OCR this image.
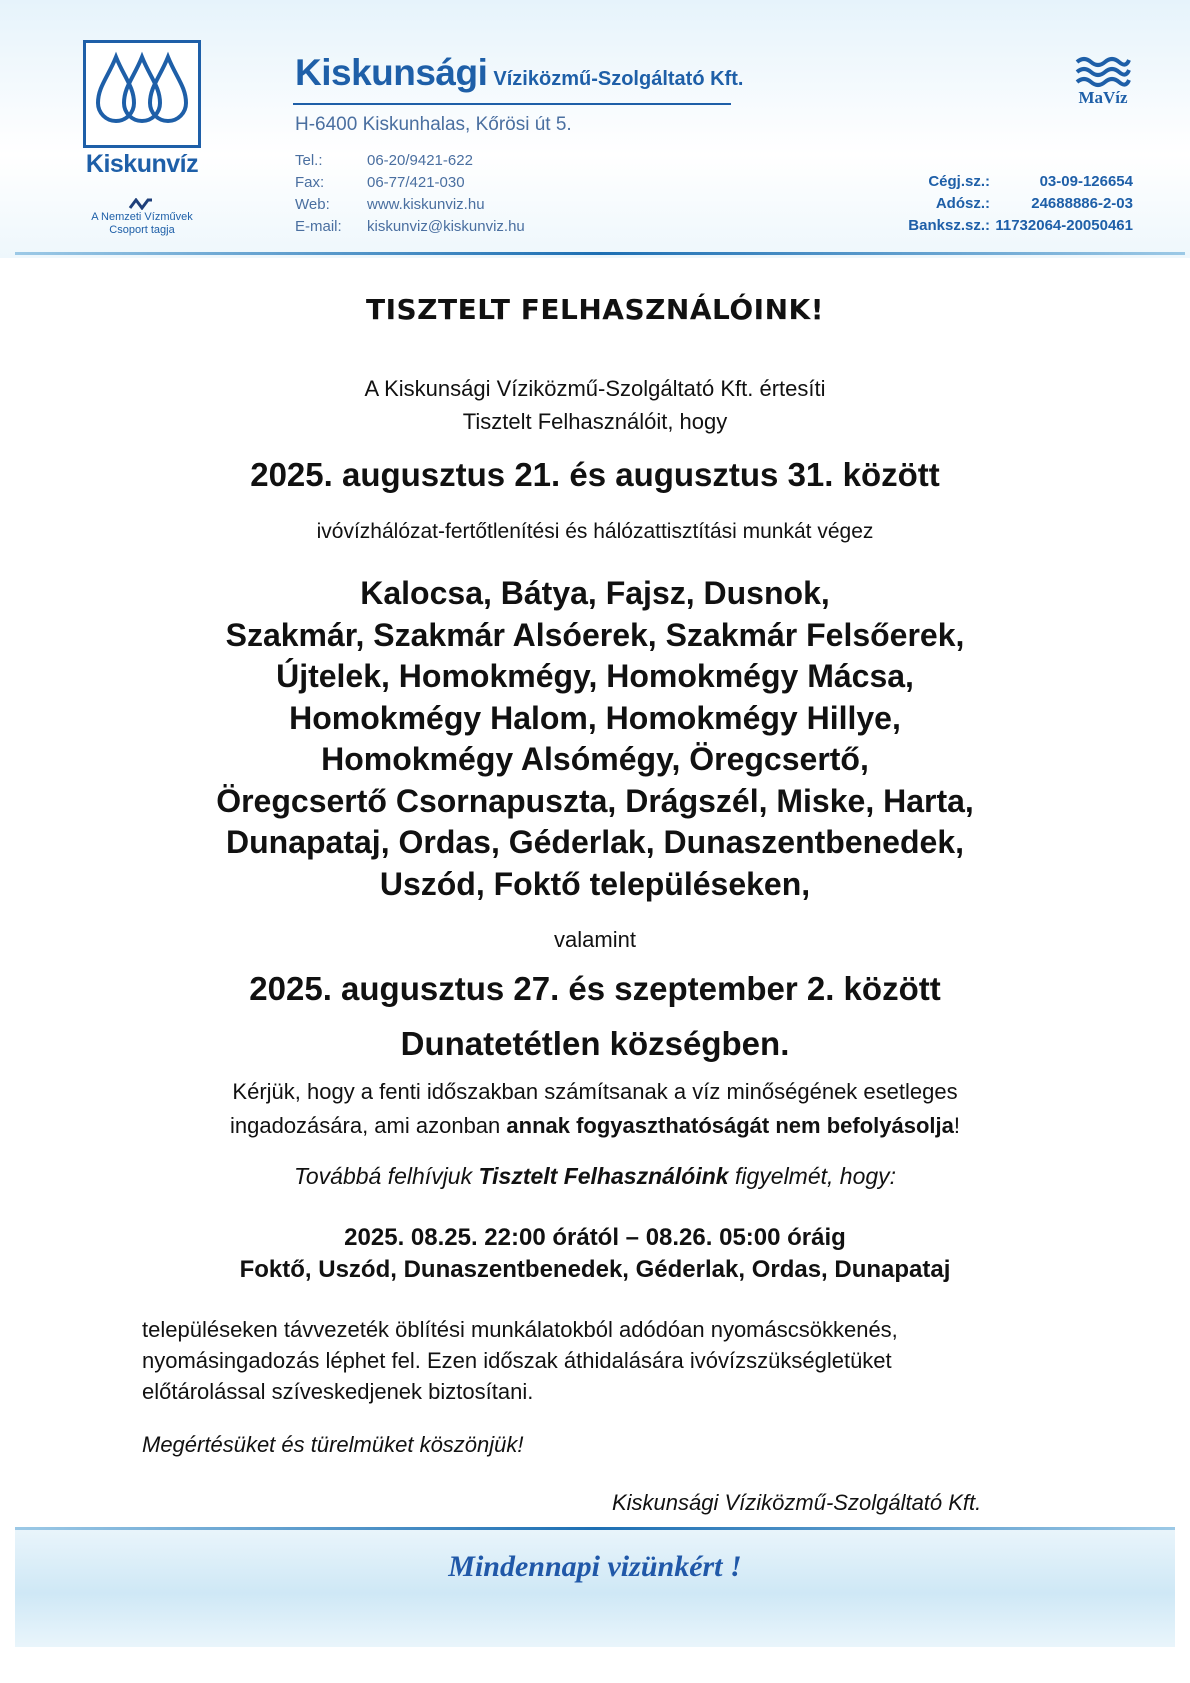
Kiskunvíz
A Nemzeti Vízművek
Csoport tagja
Kiskunsági Víziközmű-Szolgáltató Kft.
H-6400 Kiskunhalas, Kőrösi út 5.
Tel.:	06-20/9421-622
Fax:	06-77/421-030
Web:	www.kiskunviz.hu
E-mail:	kiskunviz@kiskunviz.hu
MaVíz
Cégj.sz.:	03-09-126654
Adósz.:	24688886-2-03
Banksz.sz.: 11732064-20050461
TISZTELT FELHASZNÁLÓINK!
A Kiskunsági Víziközmű-Szolgáltató Kft. értesíti
Tisztelt Felhasználóit, hogy
2025. augusztus 21. és augusztus 31. között
ivóvízhálózat-fertőtlenítési és hálózattisztítási munkát végez
Kalocsa, Bátya, Fajsz, Dusnok,
Szakmár, Szakmár Alsóerek, Szakmár Felsőerek,
Újtelek, Homokmégy, Homokmégy Mácsa,
Homokmégy Halom, Homokmégy Hillye,
Homokmégy Alsómégy, Öregcsertő,
Öregcsertő Csornapuszta, Drágszél, Miske, Harta,
Dunapataj, Ordas, Géderlak, Dunaszentbenedek,
Uszód, Foktő településeken,
valamint
2025. augusztus 27. és szeptember 2. között
Dunatetétlen községben.
Kérjük, hogy a fenti időszakban számítsanak a víz minőségének esetleges
ingadozására, ami azonban annak fogyaszthatóságát nem befolyásolja!
Továbbá felhívjuk Tisztelt Felhasználóink figyelmét, hogy:
2025. 08.25. 22:00 órától – 08.26. 05:00 óráig
Foktő, Uszód, Dunaszentbenedek, Géderlak, Ordas, Dunapataj
településeken távvezeték öblítési munkálatokból adódóan nyomáscsökkenés,
nyomásingadozás léphet fel. Ezen időszak áthidalására ivóvízszükségletüket
előtárolással szíveskedjenek biztosítani.
Megértésüket és türelmüket köszönjük!
Kiskunsági Víziközmű-Szolgáltató Kft.
Mindennapi vizünkért !
